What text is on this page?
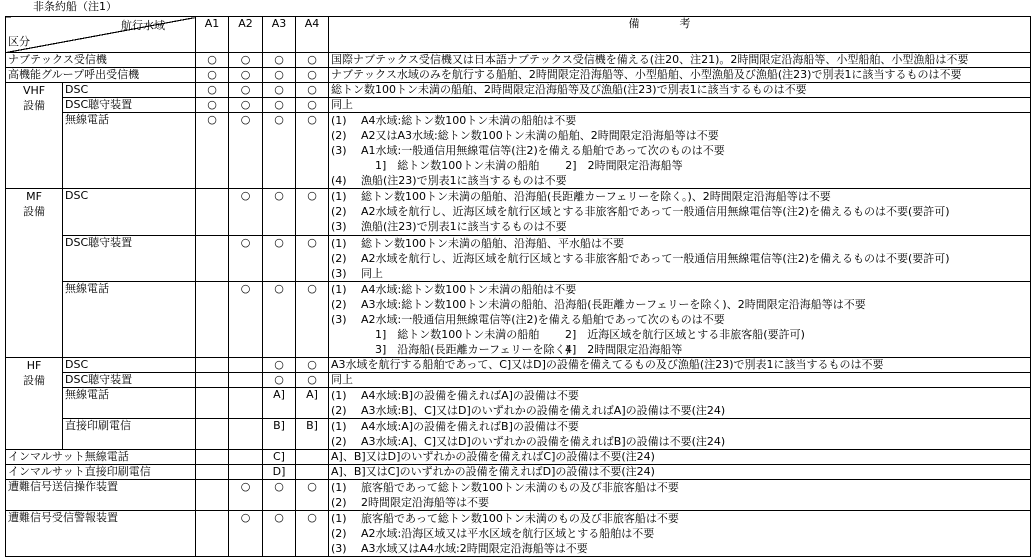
非条約船（注1）
航行水域
区分		A1	A2	A3	A4	備考
ナブテックス受信機		○	○	○	○	国際ナブテックス受信機又は日本語ナブテックス受信機を備える(注20、注21)。2時間限定沿海船等、小型船舶、小型漁船は不要
高機能グループ呼出受信機		○	○	○	○	ナブテックス水域のみを航行する船舶、2時間限定沿海船等、小型船舶、小型漁船及び漁船(注23)で別表1に該当するものは不要

VHF
設備	DSC	○	○	○	○	総トン数100トン未満の船舶、2時間限定沿海船等及び漁船(注23)で別表1に該当するものは不要
	DSC聴守装置	○	○	○	○	同上
	無線電話	○	○	○	○	(1) A4水域:総トン数100トン未満の船舶は不要
(2) A2又はA3水域:総トン数100トン未満の船舶、2時間限定沿海船等は不要
(3) A1水域:一般通信用無線電信等(注2)を備える船舶であって次のものは不要
1]　総トン数100トン未満の船舶 2]　2時間限定沿海船等
(4) 漁船(注23)で別表1に該当するものは不要

MF
設備	DSC		○	○	○	(1) 総トン数100トン未満の船舶、沿海船(長距離カーフェリーを除く。)、2時間限定沿海船等は不要
(2) A2水域を航行し、近海区域を航行区域とする非旅客船であって一般通信用無線電信等(注2)を備えるものは不要(要許可)
(3) 漁船(注23)で別表1に該当するものは不要

	DSC聴守装置		○	○	○	(1) 総トン数100トン未満の船舶、沿海船、平水船は不要
(2) A2水域を航行し、近海区域を航行区域とする非旅客船であって一般通信用無線電信等(注2)を備えるものは不要(要許可)
(3) 同上

	無線電話		○	○	○	(1) A4水域:総トン数100トン未満の船舶は不要
(2) A3水域:総トン数100トン未満の船舶、沿海船(長距離カーフェリーを除く)、2時間限定沿海船等は不要
(3) A2水域:一般通信用無線電信等(注2)を備える船舶であって次のものは不要
1]　総トン数100トン未満の船舶 2]　近海区域を航行区域とする非旅客船(要許可)
3]　沿海船(長距離カーフェリーを除く)4]　2時間限定沿海船等

HF
設備	DSC			○	○	A3水域を航行する船舶であって、C]又はD]の設備を備えてるもの及び漁船(注23)で別表1に該当するものは不要
	DSC聴守装置			○	○	同上
	無線電話			A]	A]	(1) A4水域:B]の設備を備えればA]の設備は不要
(2) A3水域:B]、C]又はD]のいずれかの設備を備えればA]の設備は不要(注24)

	直接印刷電信			B]	B]	(1) A4水域:A]の設備を備えればB]の設備は不要
(2) A3水域:A]、C]又はD]のいずれかの設備を備えればB]の設備は不要(注24)

インマルサット無線電話				C]		A]、B]又はD]のいずれかの設備を備えればC]の設備は不要(注24)
インマルサット直接印刷電信				D]		A]、B]又はC]のいずれかの設備を備えればD]の設備は不要(注24)
遭難信号送信操作装置			○	○	○	(1) 旅客船であって総トン数100トン未満のもの及び非旅客船は不要
(2) 2時間限定沿海船等は不要

遭難信号受信警報装置			○	○	○	(1) 旅客船であって総トン数100トン未満のもの及び非旅客船は不要
(2) A2水域:沿海区域又は平水区域を航行区域とする船舶は不要
(3) A3水域又はA4水域:2時間限定沿海船等は不要
